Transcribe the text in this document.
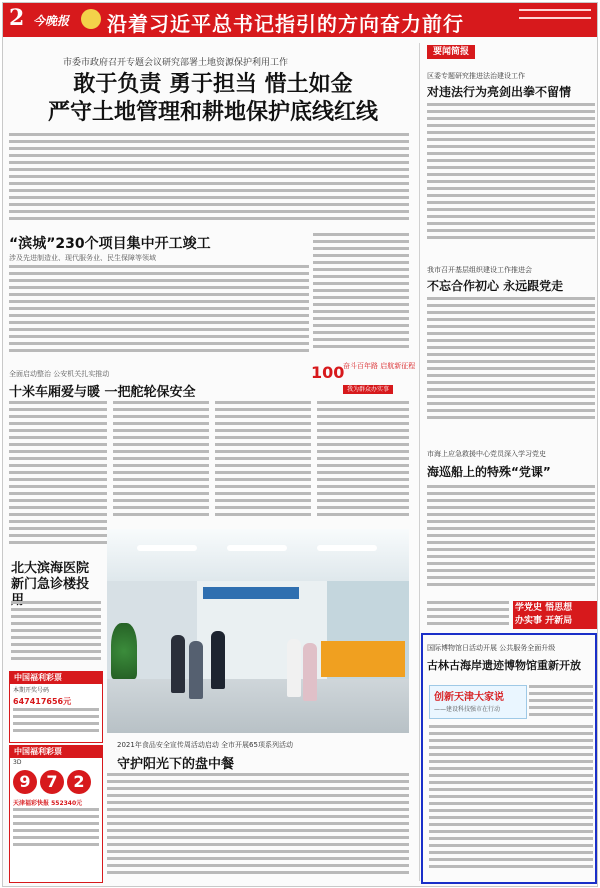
2 今晚报 沿着习近平总书记指引的方向奋力前行
市委市政府召开专题会议研究部署土地资源保护利用工作
敢于负责 勇于担当 惜土如金
严守土地管理和耕地保护底线红线
“滨城”230个项目集中开工竣工
涉及先进制造业、现代服务业、民生保障等领域
100
奋斗百年路 启航新征程
我为群众办实事
全面启动整治 公安机关扎实推动
十米车厢爱与暖 一把舵轮保安全
北大滨海医院新门急诊楼投
中国福利彩票
本期开奖号码
647417656元
中国福利彩票
3D
9 7 2
天津福彩快报 552340元
2021年食品安全宣传周活动启动 全市开展65项系列活动
守护阳光下的盘中餐
要闻简报
区委专题研究推进法治建设工作
对违法行为亮剑出拳不留情
我市召开基层组织建设工作推进会
不忘合作初心 永远跟党走
市海上应急救援中心党员深入学习党史
海巡船上的特殊“党课”
学党史 悟思想
办实事 开新局
国际博物馆日活动开展 公共服务全面升级
古林古海岸遗迹博物馆重新开放
创新天津大家说
——建设科技强市在行动
